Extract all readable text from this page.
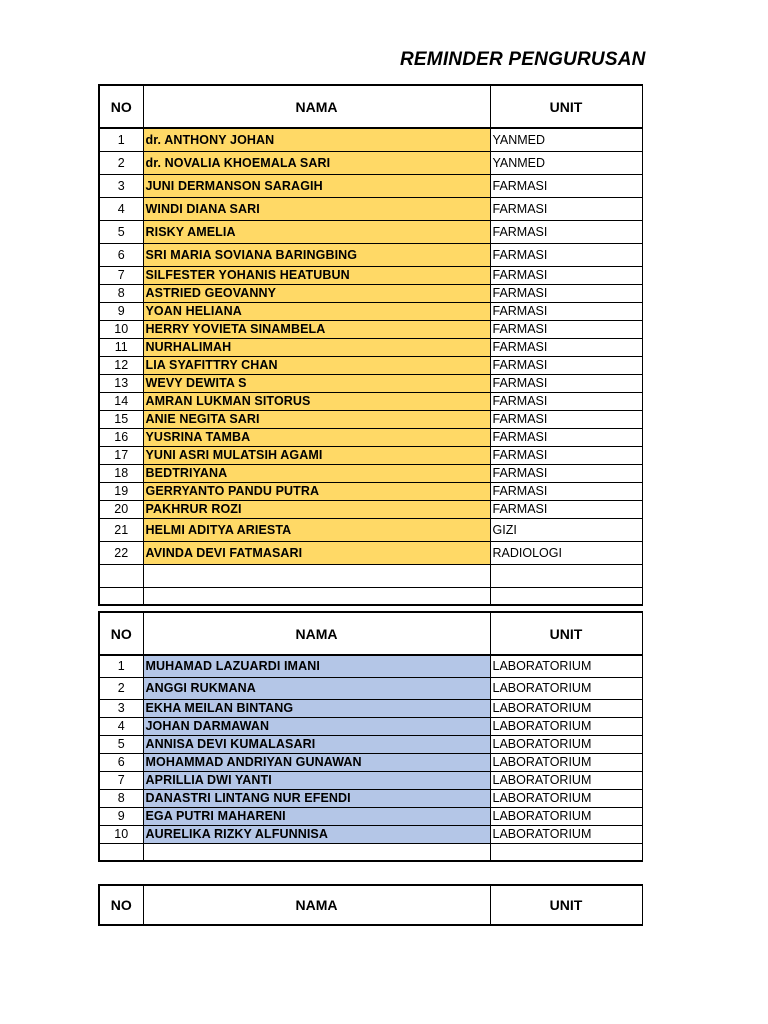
REMINDER PENGURUSAN
NO	NAMA	UNIT
1	dr. ANTHONY JOHAN	YANMED
2	dr. NOVALIA KHOEMALA SARI	YANMED
3	JUNI DERMANSON SARAGIH	FARMASI
4	WINDI DIANA SARI	FARMASI
5	RISKY AMELIA	FARMASI
6	SRI MARIA SOVIANA BARINGBING	FARMASI
7	SILFESTER YOHANIS HEATUBUN	FARMASI
8	ASTRIED GEOVANNY	FARMASI
9	YOAN HELIANA	FARMASI
10	HERRY YOVIETA SINAMBELA	FARMASI
11	NURHALIMAH	FARMASI
12	LIA SYAFITTRY CHAN	FARMASI
13	WEVY DEWITA S	FARMASI
14	AMRAN LUKMAN SITORUS	FARMASI
15	ANIE NEGITA SARI	FARMASI
16	YUSRINA TAMBA	FARMASI
17	YUNI ASRI MULATSIH AGAMI	FARMASI
18	BEDTRIYANA	FARMASI
19	GERRYANTO PANDU PUTRA	FARMASI
20	PAKHRUR ROZI	FARMASI
21	HELMI ADITYA ARIESTA	GIZI
22	AVINDA DEVI FATMASARI	RADIOLOGI

NO	NAMA	UNIT
1	MUHAMAD LAZUARDI IMANI	LABORATORIUM
2	ANGGI RUKMANA	LABORATORIUM
3	EKHA MEILAN BINTANG	LABORATORIUM
4	JOHAN DARMAWAN	LABORATORIUM
5	ANNISA DEVI KUMALASARI	LABORATORIUM
6	MOHAMMAD ANDRIYAN GUNAWAN	LABORATORIUM
7	APRILLIA DWI YANTI	LABORATORIUM
8	DANASTRI LINTANG NUR EFENDI	LABORATORIUM
9	EGA PUTRI MAHARENI	LABORATORIUM
10	AURELIKA RIZKY ALFUNNISA	LABORATORIUM

NO	NAMA	UNIT
